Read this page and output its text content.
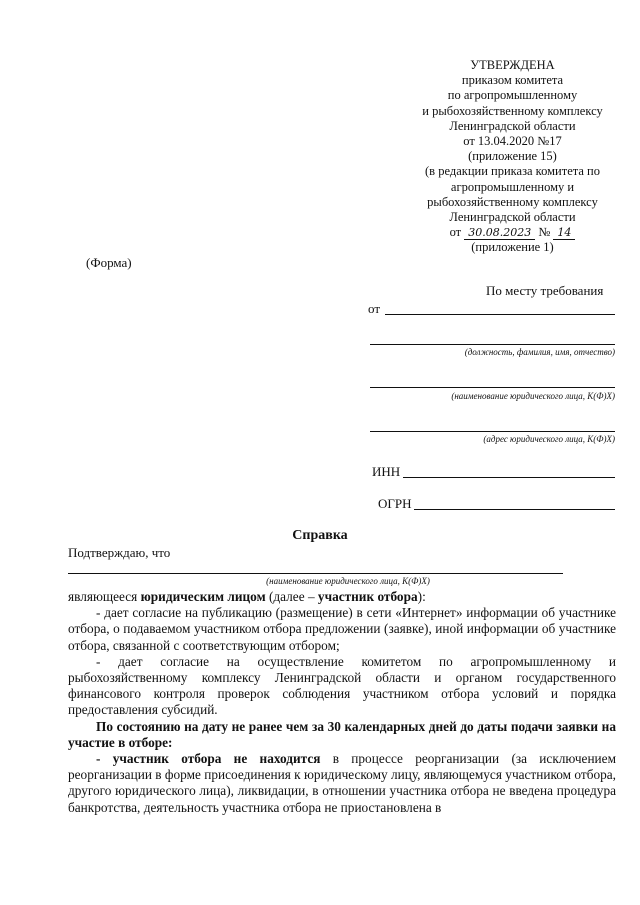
УТВЕРЖДЕНА
приказом комитета
по агропромышленному
и рыбохозяйственному комплексу
Ленинградской области
от 13.04.2020 №17
(приложение 15)
(в редакции приказа комитета по
агропромышленному и
рыбохозяйственному комплексу
Ленинградской области
от 30.08.2023 № 14
(приложение 1)
(Форма)
По месту требования
от
(должность, фамилия, имя, отчество)
(наименование юридического лица, К(Ф)Х)
(адрес юридического лица, К(Ф)Х)
ИНН
ОГРН
Справка
Подтверждаю, что
(наименование юридического лица, К(Ф)Х)

являющееся юридическим лицом (далее – участник отбора):

- дает согласие на публикацию (размещение) в сети «Интернет» информации об участнике отбора, о подаваемом участником отбора предложении (заявке), иной информации об участнике отбора, связанной с соответствующим отбором;

- дает согласие на осуществление комитетом по агропромышленному и рыбохозяйственному комплексу Ленинградской области и органом государственного финансового контроля проверок соблюдения участником отбора условий и порядка предоставления субсидий.

По состоянию на дату не ранее чем за 30 календарных дней до даты подачи заявки на участие в отборе:

- участник отбора не находится в процессе реорганизации (за исключением реорганизации в форме присоединения к юридическому лицу, являющемуся участником отбора, другого юридического лица), ликвидации, в отношении участника отбора не введена процедура банкротства, деятельность участника отбора не приостановлена в
